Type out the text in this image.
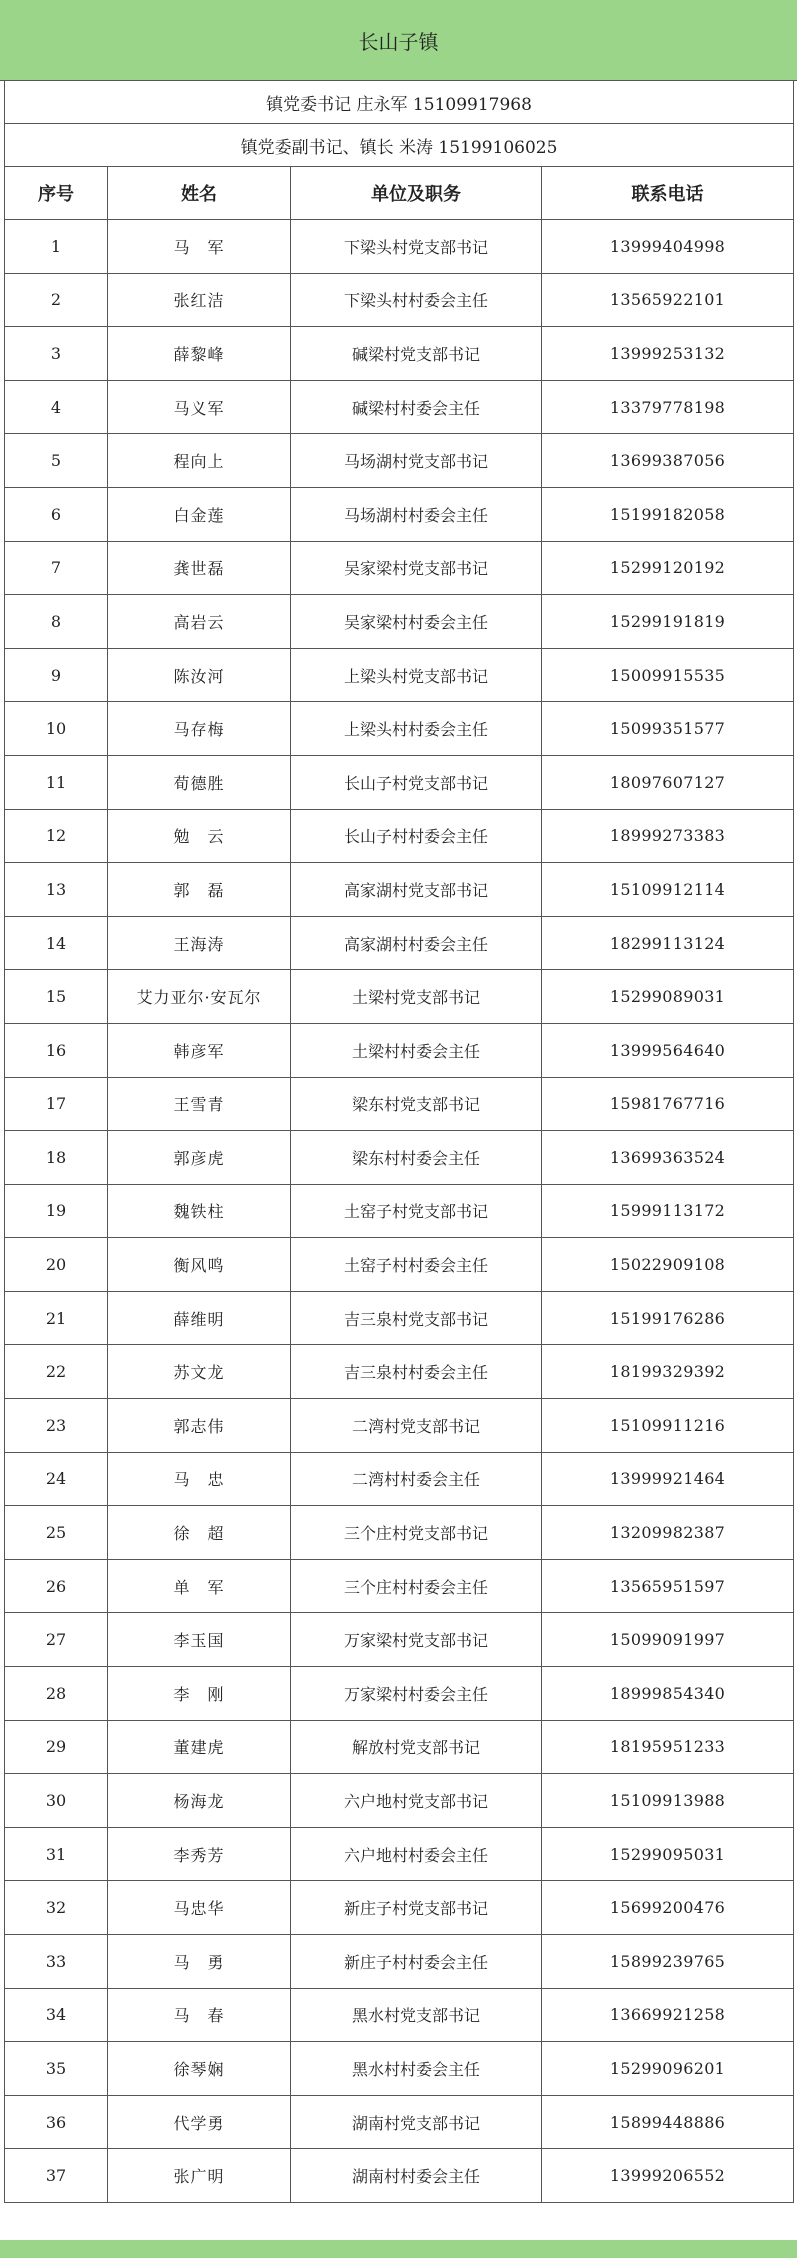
长山子镇
镇党委书记 庄永军 15109917968			
镇党委副书记、镇长 米涛 15199106025			
序号	姓名	单位及职务	联系电话
1	马　军	下梁头村党支部书记	13999404998
2	张红洁	下梁头村村委会主任	13565922101
3	薛黎峰	碱梁村党支部书记	13999253132
4	马义军	碱梁村村委会主任	13379778198
5	程向上	马场湖村党支部书记	13699387056
6	白金莲	马场湖村村委会主任	15199182058
7	龚世磊	吴家梁村党支部书记	15299120192
8	高岩云	吴家梁村村委会主任	15299191819
9	陈汝河	上梁头村党支部书记	15009915535
10	马存梅	上梁头村村委会主任	15099351577
11	荀德胜	长山子村党支部书记	18097607127
12	勉　云	长山子村村委会主任	18999273383
13	郭　磊	高家湖村党支部书记	15109912114
14	王海涛	高家湖村村委会主任	18299113124
15	艾力亚尔·安瓦尔	土梁村党支部书记	15299089031
16	韩彦军	土梁村村委会主任	13999564640
17	王雪青	梁东村党支部书记	15981767716
18	郭彦虎	梁东村村委会主任	13699363524
19	魏铁柱	土窑子村党支部书记	15999113172
20	衡风鸣	土窑子村村委会主任	15022909108
21	薛维明	吉三泉村党支部书记	15199176286
22	苏文龙	吉三泉村村委会主任	18199329392
23	郭志伟	二湾村党支部书记	15109911216
24	马　忠	二湾村村委会主任	13999921464
25	徐　超	三个庄村党支部书记	13209982387
26	单　军	三个庄村村委会主任	13565951597
27	李玉国	万家梁村党支部书记	15099091997
28	李　刚	万家梁村村委会主任	18999854340
29	董建虎	解放村党支部书记	18195951233
30	杨海龙	六户地村党支部书记	15109913988
31	李秀芳	六户地村村委会主任	15299095031
32	马忠华	新庄子村党支部书记	15699200476
33	马　勇	新庄子村村委会主任	15899239765
34	马　春	黑水村党支部书记	13669921258
35	徐琴娴	黑水村村委会主任	15299096201
36	代学勇	湖南村党支部书记	15899448886
37	张广明	湖南村村委会主任	13999206552
